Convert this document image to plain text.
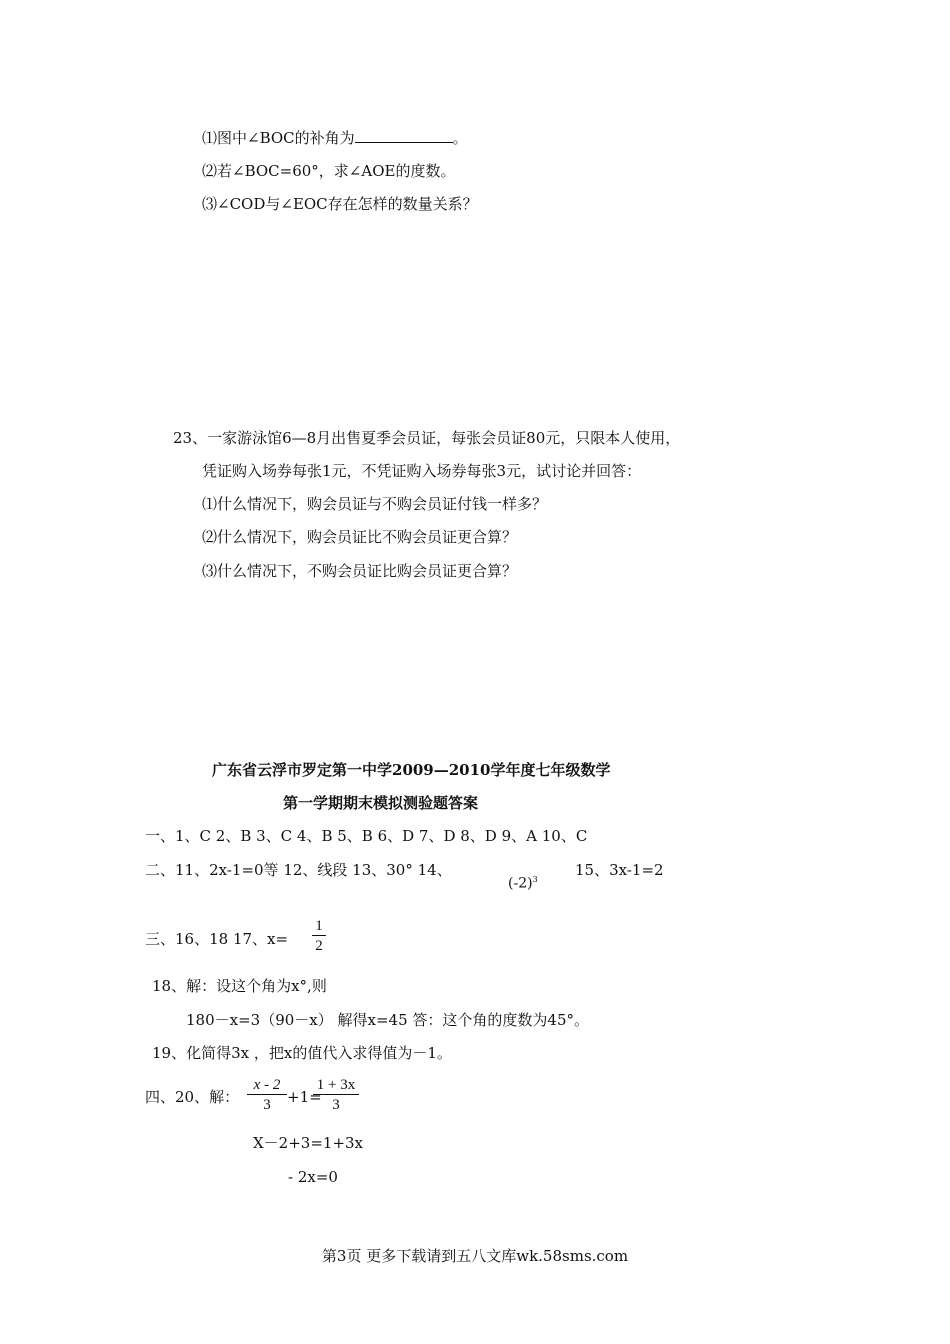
⑴图中∠BOC的补角为	。
⑵若∠BOC=60°，求∠AOE的度数。
⑶∠COD与∠EOC存在怎样的数量关系？
23、一家游泳馆6—8月出售夏季会员证，每张会员证80元，只限本人使用，
凭证购入场券每张1元，不凭证购入场券每张3元，试讨论并回答：
⑴什么情况下，购会员证与不购会员证付钱一样多？
⑵什么情况下，购会员证比不购会员证更合算？
⑶什么情况下，不购会员证比购会员证更合算？
广东省云浮市罗定第一中学2009—2010学年度七年级数学
第一学期期末模拟测验题答案
一、1、C 2、B 3、C 4、B 5、B 6、D 7、D 8、D 9、A 10、C
二、11、2x-1=0等 12、线段 13、30° 14、
$(-2)^3$
15、3x-1=2
三、16、18 17、x=
1
2
18、解：设这个角为x°,则
180－x=3（90－x） 解得x=45 答：这个角的度数为45°。
19、化简得3x ，把x的值代入求得值为－1。
四、20、解：
x - 2
3	+1=
1 + 3x
3
X－2+3=1+3x
- 2x=0
第3页 更多下载请到五八文库wk.58sms.com
